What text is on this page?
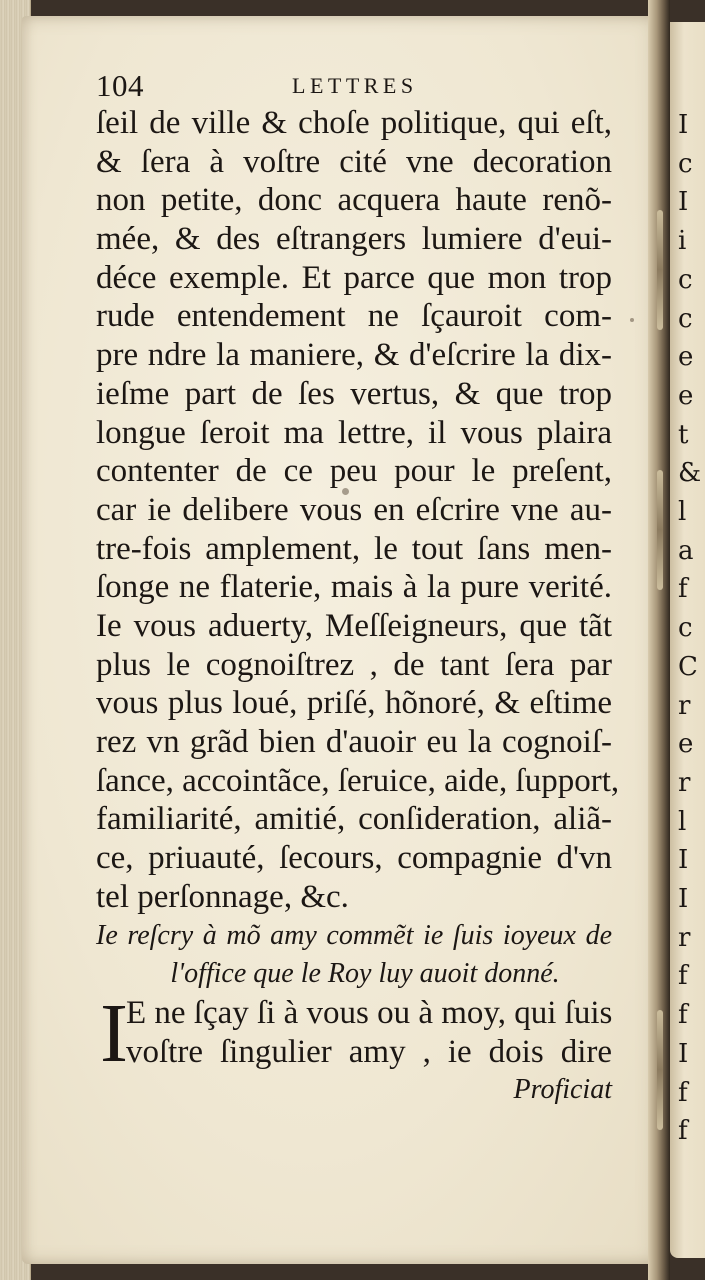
I
c
I
i
c
c
e
e
t
&
l
a
f
c
C
r
e
r
l
I
I
r
f
f
I
f
f
104	LETTRES
ſeil de ville & choſe politique, qui eſt,
& ſera à voſtre cité vne decoration
non petite, donc acquera haute renõ-
mée, & des eſtrangers lumiere d'eui-
déce exemple. Et parce que mon trop
rude entendement ne ſçauroit com-
pre ndre la maniere, & d'eſcrire la dix-
ieſme part de ſes vertus, & que trop
longue ſeroit ma lettre, il vous plaira
contenter de ce peu pour le preſent,
car ie delibere vous en eſcrire vne au-
tre-fois amplement, le tout ſans men-
ſonge ne flaterie, mais à la pure verité.
Ie vous aduerty, Meſſeigneurs, que tãt
plus le cognoiſtrez , de tant ſera par
vous plus loué, priſé, hõnoré, & eſtime
rez vn grãd bien d'auoir eu la cognoiſ-
ſance, accointãce, ſeruice, aide, ſupport,
familiarité, amitié, conſideration, aliã-
ce, priuauté, ſecours, compagnie d'vn
tel perſonnage, &c.
Ie reſcry à mõ amy commẽt ie ſuis ioyeux de
l'office que le Roy luy auoit donné.
I
E ne ſçay ſi à vous ou à moy, qui ſuis
voſtre ſingulier amy , ie dois dire
Proficiat
